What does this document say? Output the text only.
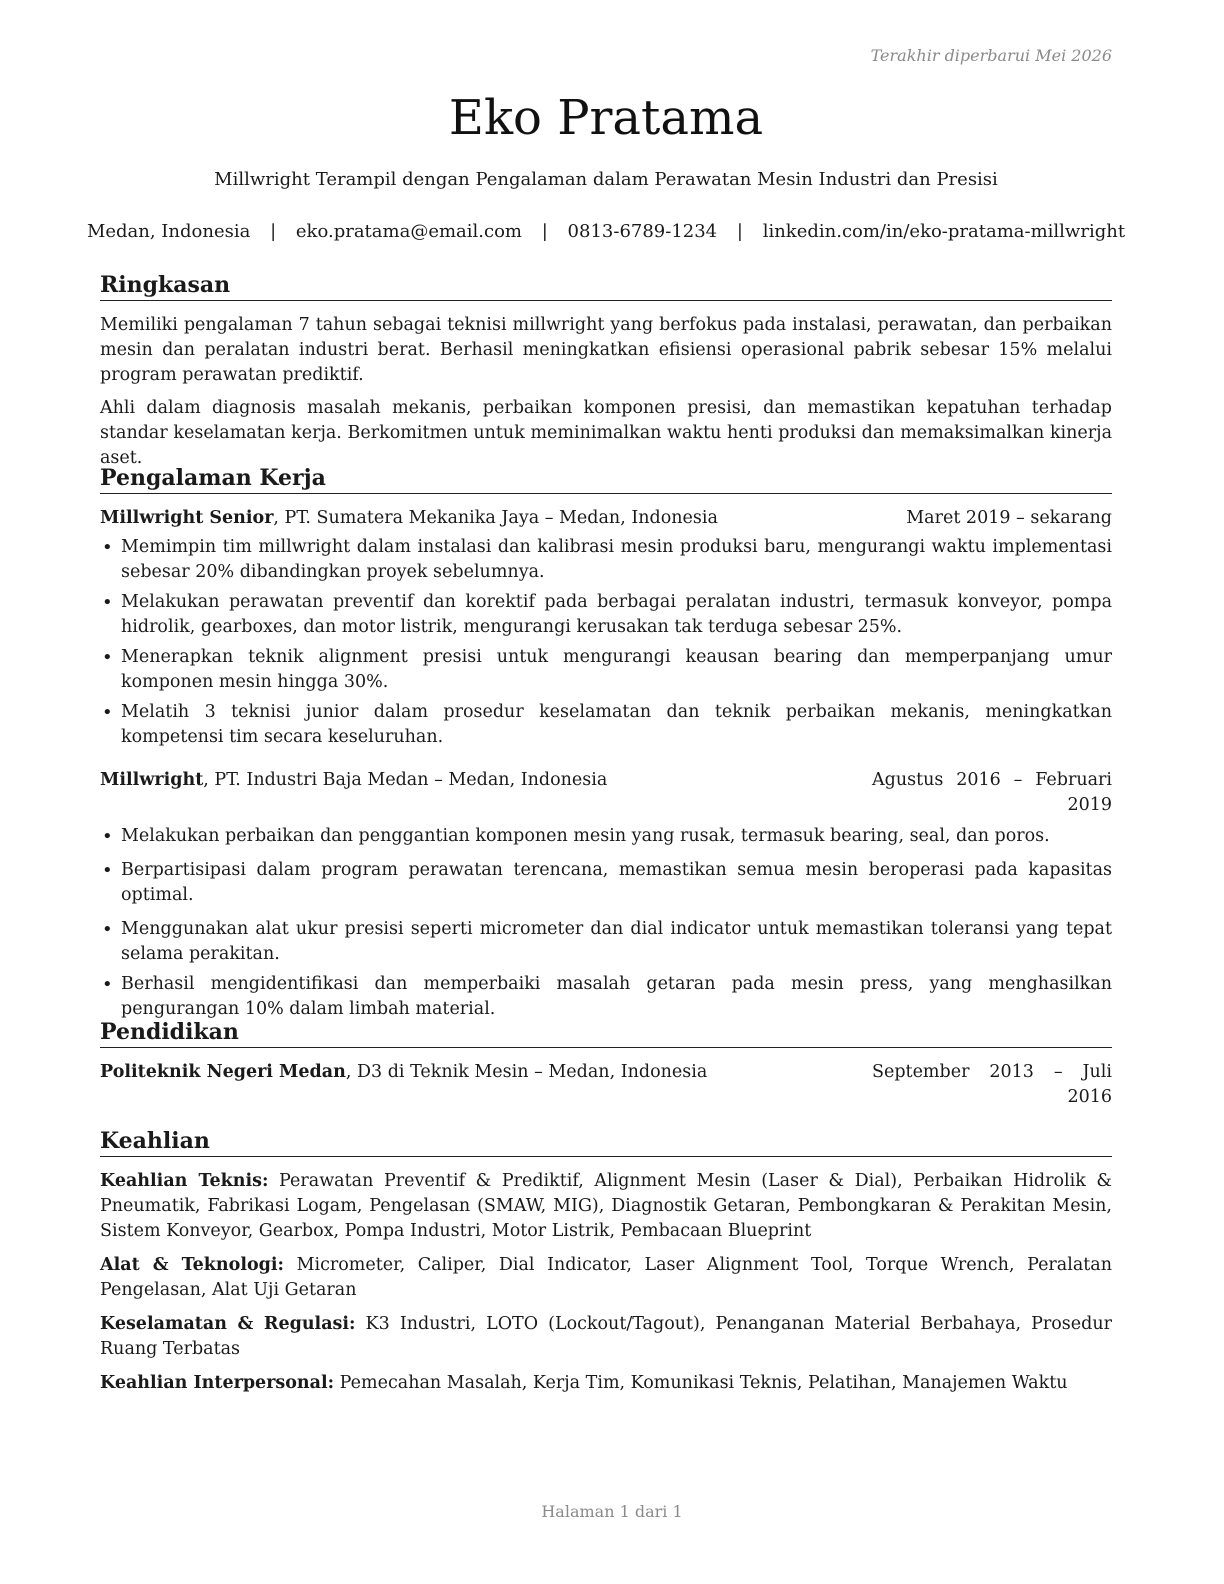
Terakhir diperbarui Mei 2026
Eko Pratama
Millwright Terampil dengan Pengalaman dalam Perawatan Mesin Industri dan Presisi
Medan, Indonesia | eko.pratama@email.com | 0813-6789-1234 | linkedin.com/in/eko-pratama-millwright
Ringkasan

Memiliki pengalaman 7 tahun sebagai teknisi millwright yang berfokus pada instalasi, perawatan, dan perbaikan mesin dan peralatan industri berat. Berhasil meningkatkan efisiensi operasional pabrik sebesar 15% melalui program perawatan prediktif.

Ahli dalam diagnosis masalah mekanis, perbaikan komponen presisi, dan memastikan kepatuhan terhadap standar keselamatan kerja. Berkomitmen untuk meminimalkan waktu henti produksi dan memaksimalkan kinerja aset.

Pengalaman Kerja
Millwright Senior, PT. Sumatera Mekanika Jaya – Medan, Indonesia	Maret 2019 – sekarang
• Memimpin tim millwright dalam instalasi dan kalibrasi mesin produksi baru, mengurangi waktu implementasi sebesar 20% dibandingkan proyek sebelumnya.
• Melakukan perawatan preventif dan korektif pada berbagai peralatan industri, termasuk konveyor, pompa hidrolik, gearboxes, dan motor listrik, mengurangi kerusakan tak terduga sebesar 25%.
• Menerapkan teknik alignment presisi untuk mengurangi keausan bearing dan memperpanjang umur komponen mesin hingga 30%.
• Melatih 3 teknisi junior dalam prosedur keselamatan dan teknik perbaikan mekanis, meningkatkan kompetensi tim secara keseluruhan.
Millwright, PT. Industri Baja Medan – Medan, Indonesia	Agustus 2016 – Februari 2019
• Melakukan perbaikan dan penggantian komponen mesin yang rusak, termasuk bearing, seal, dan poros.
• Berpartisipasi dalam program perawatan terencana, memastikan semua mesin beroperasi pada kapasitas optimal.
• Menggunakan alat ukur presisi seperti micrometer dan dial indicator untuk memastikan toleransi yang tepat selama perakitan.
• Berhasil mengidentifikasi dan memperbaiki masalah getaran pada mesin press, yang menghasilkan pengurangan 10% dalam limbah material.
Pendidikan
Politeknik Negeri Medan, D3 di Teknik Mesin – Medan, Indonesia	September 2013 – Juli 2016
Keahlian
Keahlian Teknis: Perawatan Preventif & Prediktif, Alignment Mesin (Laser & Dial), Perbaikan Hidrolik & Pneumatik, Fabrikasi Logam, Pengelasan (SMAW, MIG), Diagnostik Getaran, Pembongkaran & Perakitan Mesin, Sistem Konveyor, Gearbox, Pompa Industri, Motor Listrik, Pembacaan Blueprint
Alat & Teknologi: Micrometer, Caliper, Dial Indicator, Laser Alignment Tool, Torque Wrench, Peralatan Pengelasan, Alat Uji Getaran
Keselamatan & Regulasi: K3 Industri, LOTO (Lockout/Tagout), Penanganan Material Berbahaya, Prosedur Ruang Terbatas
Keahlian Interpersonal: Pemecahan Masalah, Kerja Tim, Komunikasi Teknis, Pelatihan, Manajemen Waktu
Halaman 1 dari 1
